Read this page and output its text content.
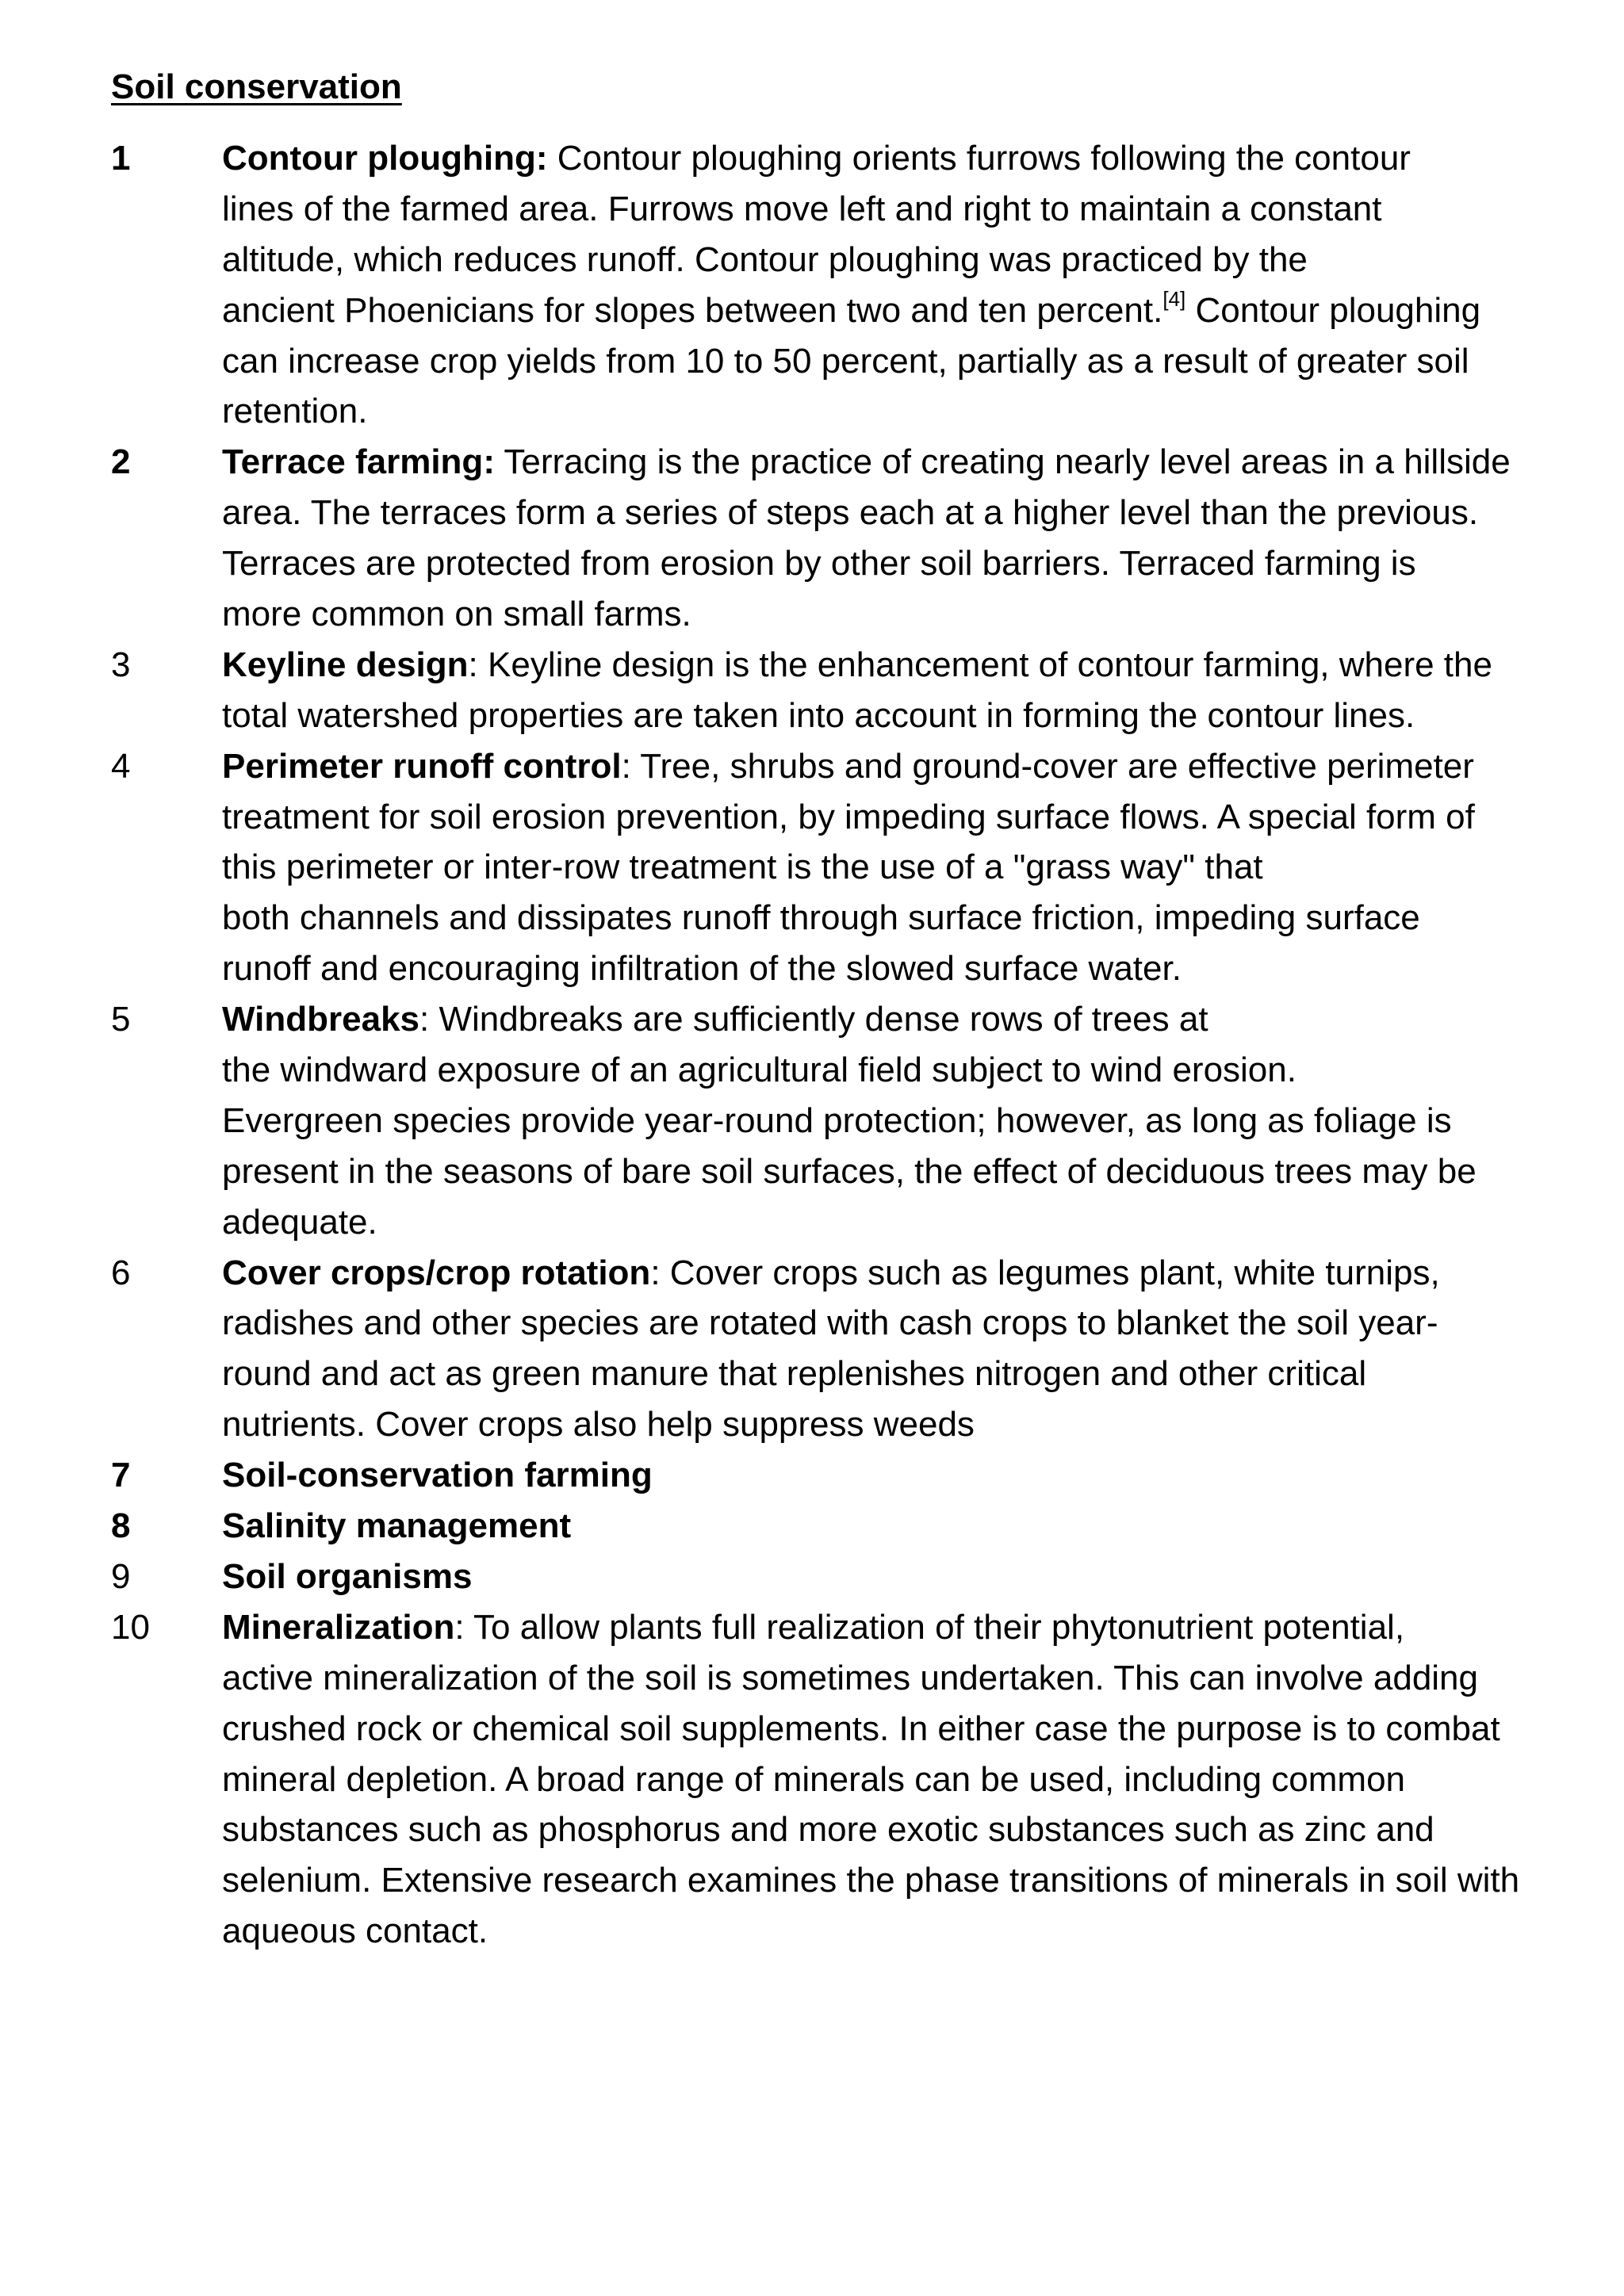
Soil conservation
1	Contour ploughing: Contour ploughing orients furrows following the contour
lines of the farmed area. Furrows move left and right to maintain a constant
altitude, which reduces runoff. Contour ploughing was practiced by the
ancient Phoenicians for slopes between two and ten percent.[4] Contour ploughing
can increase crop yields from 10 to 50 percent, partially as a result of greater soil
retention.
2	Terrace farming: Terracing is the practice of creating nearly level areas in a hillside
area. The terraces form a series of steps each at a higher level than the previous.
Terraces are protected from erosion by other soil barriers. Terraced farming is
more common on small farms.
3	Keyline design: Keyline design is the enhancement of contour farming, where the
total watershed properties are taken into account in forming the contour lines.
4	Perimeter runoff control: Tree, shrubs and ground-cover are effective perimeter
treatment for soil erosion prevention, by impeding surface flows. A special form of
this perimeter or inter-row treatment is the use of a "grass way" that
both channels and dissipates runoff through surface friction, impeding surface
runoff and encouraging infiltration of the slowed surface water.
5	Windbreaks: Windbreaks are sufficiently dense rows of trees at
the windward exposure of an agricultural field subject to wind erosion.
Evergreen species provide year-round protection; however, as long as foliage is
present in the seasons of bare soil surfaces, the effect of deciduous trees may be
adequate.
6	Cover crops/crop rotation: Cover crops such as legumes plant, white turnips,
radishes and other species are rotated with cash crops to blanket the soil year-
round and act as green manure that replenishes nitrogen and other critical
nutrients. Cover crops also help suppress weeds
7	Soil-conservation farming
8	Salinity management
9	Soil organisms
10	Mineralization: To allow plants full realization of their phytonutrient potential,
active mineralization of the soil is sometimes undertaken. This can involve adding
crushed rock or chemical soil supplements. In either case the purpose is to combat
mineral depletion. A broad range of minerals can be used, including common
substances such as phosphorus and more exotic substances such as zinc and
selenium. Extensive research examines the phase transitions of minerals in soil with
aqueous contact.
